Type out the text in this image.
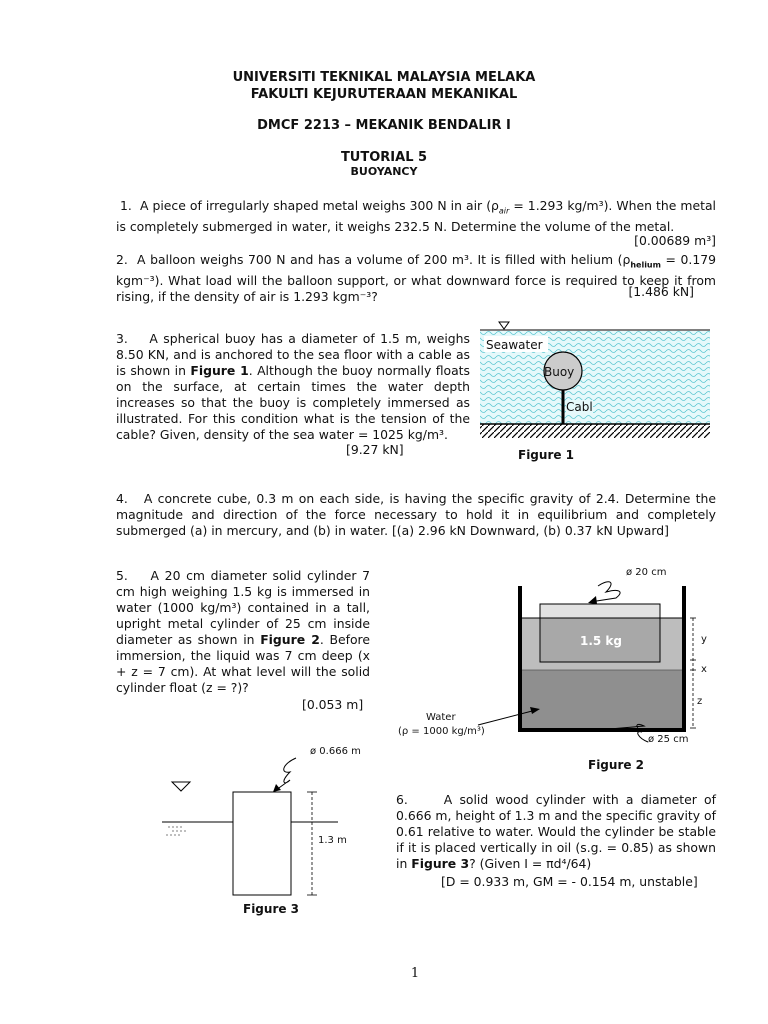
UNIVERSITI TEKNIKAL MALAYSIA MELAKA
FAKULTI KEJURUTERAAN MEKANIKAL
DMCF 2213 – MEKANIK BENDALIR I
TUTORIAL 5
BUOYANCY
1. A piece of irregularly shaped metal weighs 300 N in air ($\rho_{air} = 1.293$ kg/m³). When the metal is completely submerged in water, it weighs 232.5 N. Determine the volume of the metal.
[0.00689 m³]
2. A balloon weighs 700 N and has a volume of 200 m³. It is filled with helium ($\rho_{helium} = 0.179$ kgm⁻³). What load will the balloon support, or what downward force is required to keep it from rising, if the density of air is 1.293 kgm⁻³?	[1.486 kN]
3. A spherical buoy has a diameter of 1.5 m, weighs 8.50 KN, and is anchored to the sea floor with a cable as is shown in Figure 1. Although the buoy normally floats on the surface, at certain times the water depth increases so that the buoy is completely immersed as illustrated. For this condition what is the tension of the cable? Given, density of the sea water = 1025 kg/m³.
[9.27 kN]
Seawater
Buoy
Cabl
Figure 1
4. A concrete cube, 0.3 m on each side, is having the specific gravity of 2.4. Determine the magnitude and direction of the force necessary to hold it in equilibrium and completely submerged (a) in mercury, and (b) in water. [(a) 2.96 kN Downward, (b) 0.37 kN Upward]
5. A 20 cm diameter solid cylinder 7 cm high weighing 1.5 kg is immersed in water (1000 kg/m³) contained in a tall, upright metal cylinder of 25 cm inside diameter as shown in Figure 2. Before immersion, the liquid was 7 cm deep (x + z = 7 cm). At what level will the solid cylinder float (z = ?)?
[0.053 m]
ø 20 cm
1.5 kg	y
x
z
Water
(ρ = 1000 kg/m³)
ø 25 cm
Figure 2
ø 0.666 m
1.3 m
Figure 3
6.	A solid wood cylinder with a diameter of 0.666 m, height of 1.3 m and the specific gravity of 0.61 relative to water. Would the cylinder be stable if it is placed vertically in oil (s.g. = 0.85) as shown in Figure 3? (Given I = πd⁴/64)
[D = 0.933 m, GM = - 0.154 m, unstable]
1
